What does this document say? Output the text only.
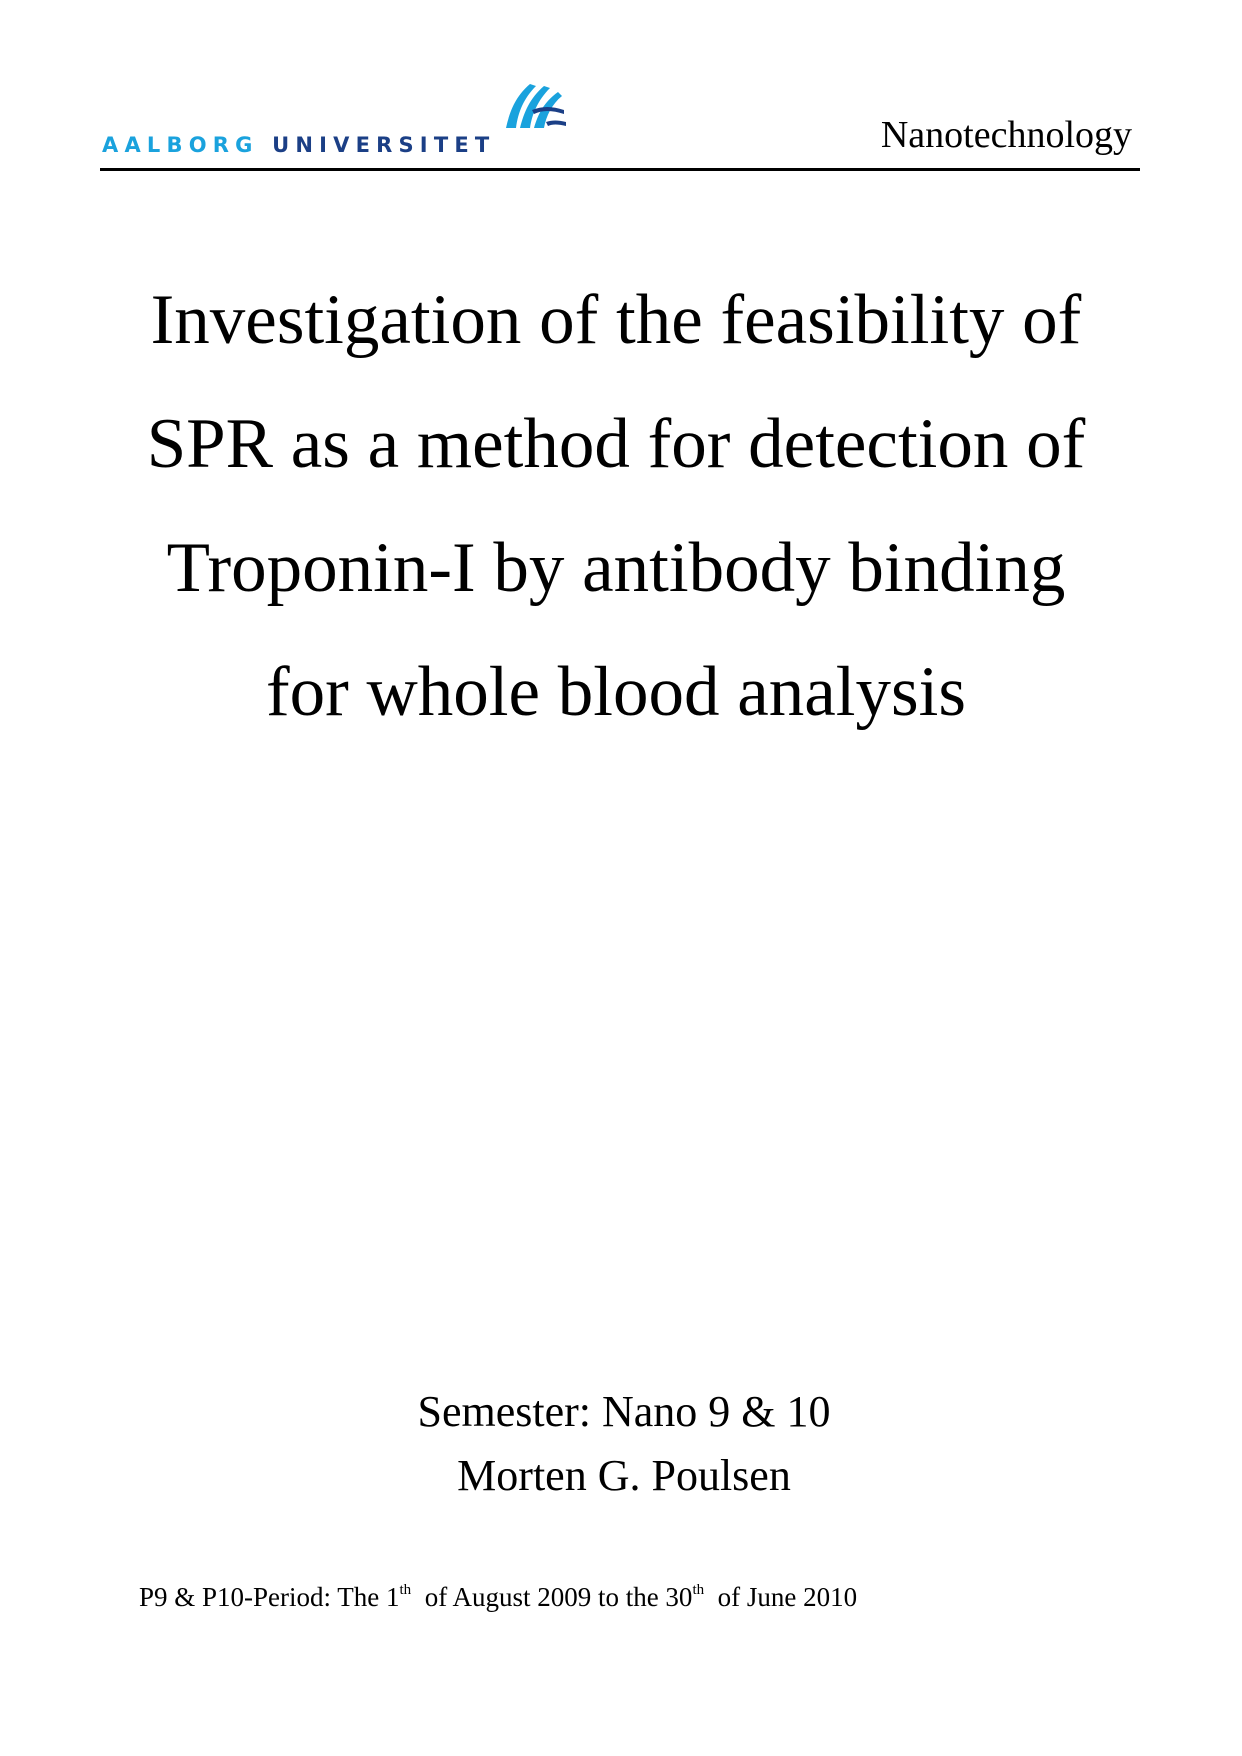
AALBORG UNIVERSITET	Nanotechnology
Investigation of the feasibility of
SPR as a method for detection of
Troponin-I by antibody binding
for whole blood analysis
Semester: Nano 9 & 10
Morten G. Poulsen
P9 & P10-Period: The 1th  of August 2009 to the 30th  of June 2010
